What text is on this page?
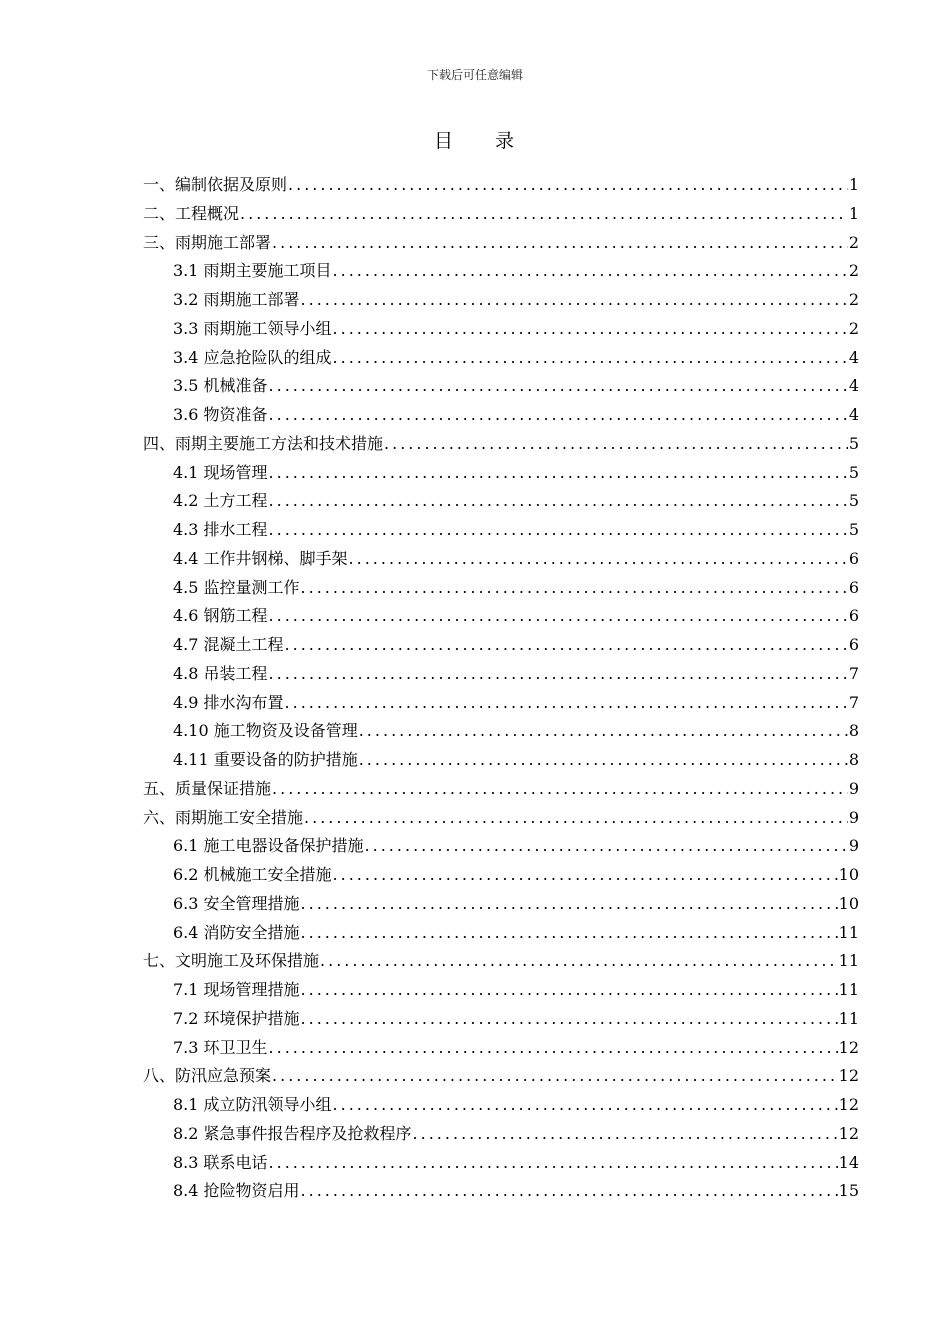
下载后可任意编辑
目 录
一、编制依据及原则 .....	1
二、工程概况 .....	1
三、雨期施工部署 .....	2
3.1 雨期主要施工项目 .....	2
3.2 雨期施工部署 .....	2
3.3 雨期施工领导小组 .....	2
3.4 应急抢险队的组成 .....	4
3.5 机械准备 .....	4
3.6 物资准备 .....	4
四、雨期主要施工方法和技术措施 .....	5
4.1 现场管理 .....	5
4.2 土方工程 .....	5
4.3 排水工程 .....	5
4.4 工作井钢梯、脚手架 .....	6
4.5 监控量测工作 .....	6
4.6 钢筋工程 .....	6
4.7 混凝土工程 .....	6
4.8 吊装工程 .....	7
4.9 排水沟布置 .....	7
4.10 施工物资及设备管理 .....	8
4.11 重要设备的防护措施 .....	8
五、质量保证措施 .....	9
六、雨期施工安全措施 .....	9
6.1 施工电器设备保护措施 .....	9
6.2 机械施工安全措施 .....	10
6.3 安全管理措施 .....	10
6.4 消防安全措施 .....	11
七、文明施工及环保措施 .....	11
7.1 现场管理措施 .....	11
7.2 环境保护措施 .....	11
7.3 环卫卫生 .....	12
八、防汛应急预案 .....	12
8.1 成立防汛领导小组 .....	12
8.2 紧急事件报告程序及抢救程序 .....	12
8.3 联系电话 .....	14
8.4 抢险物资启用 .....	15
